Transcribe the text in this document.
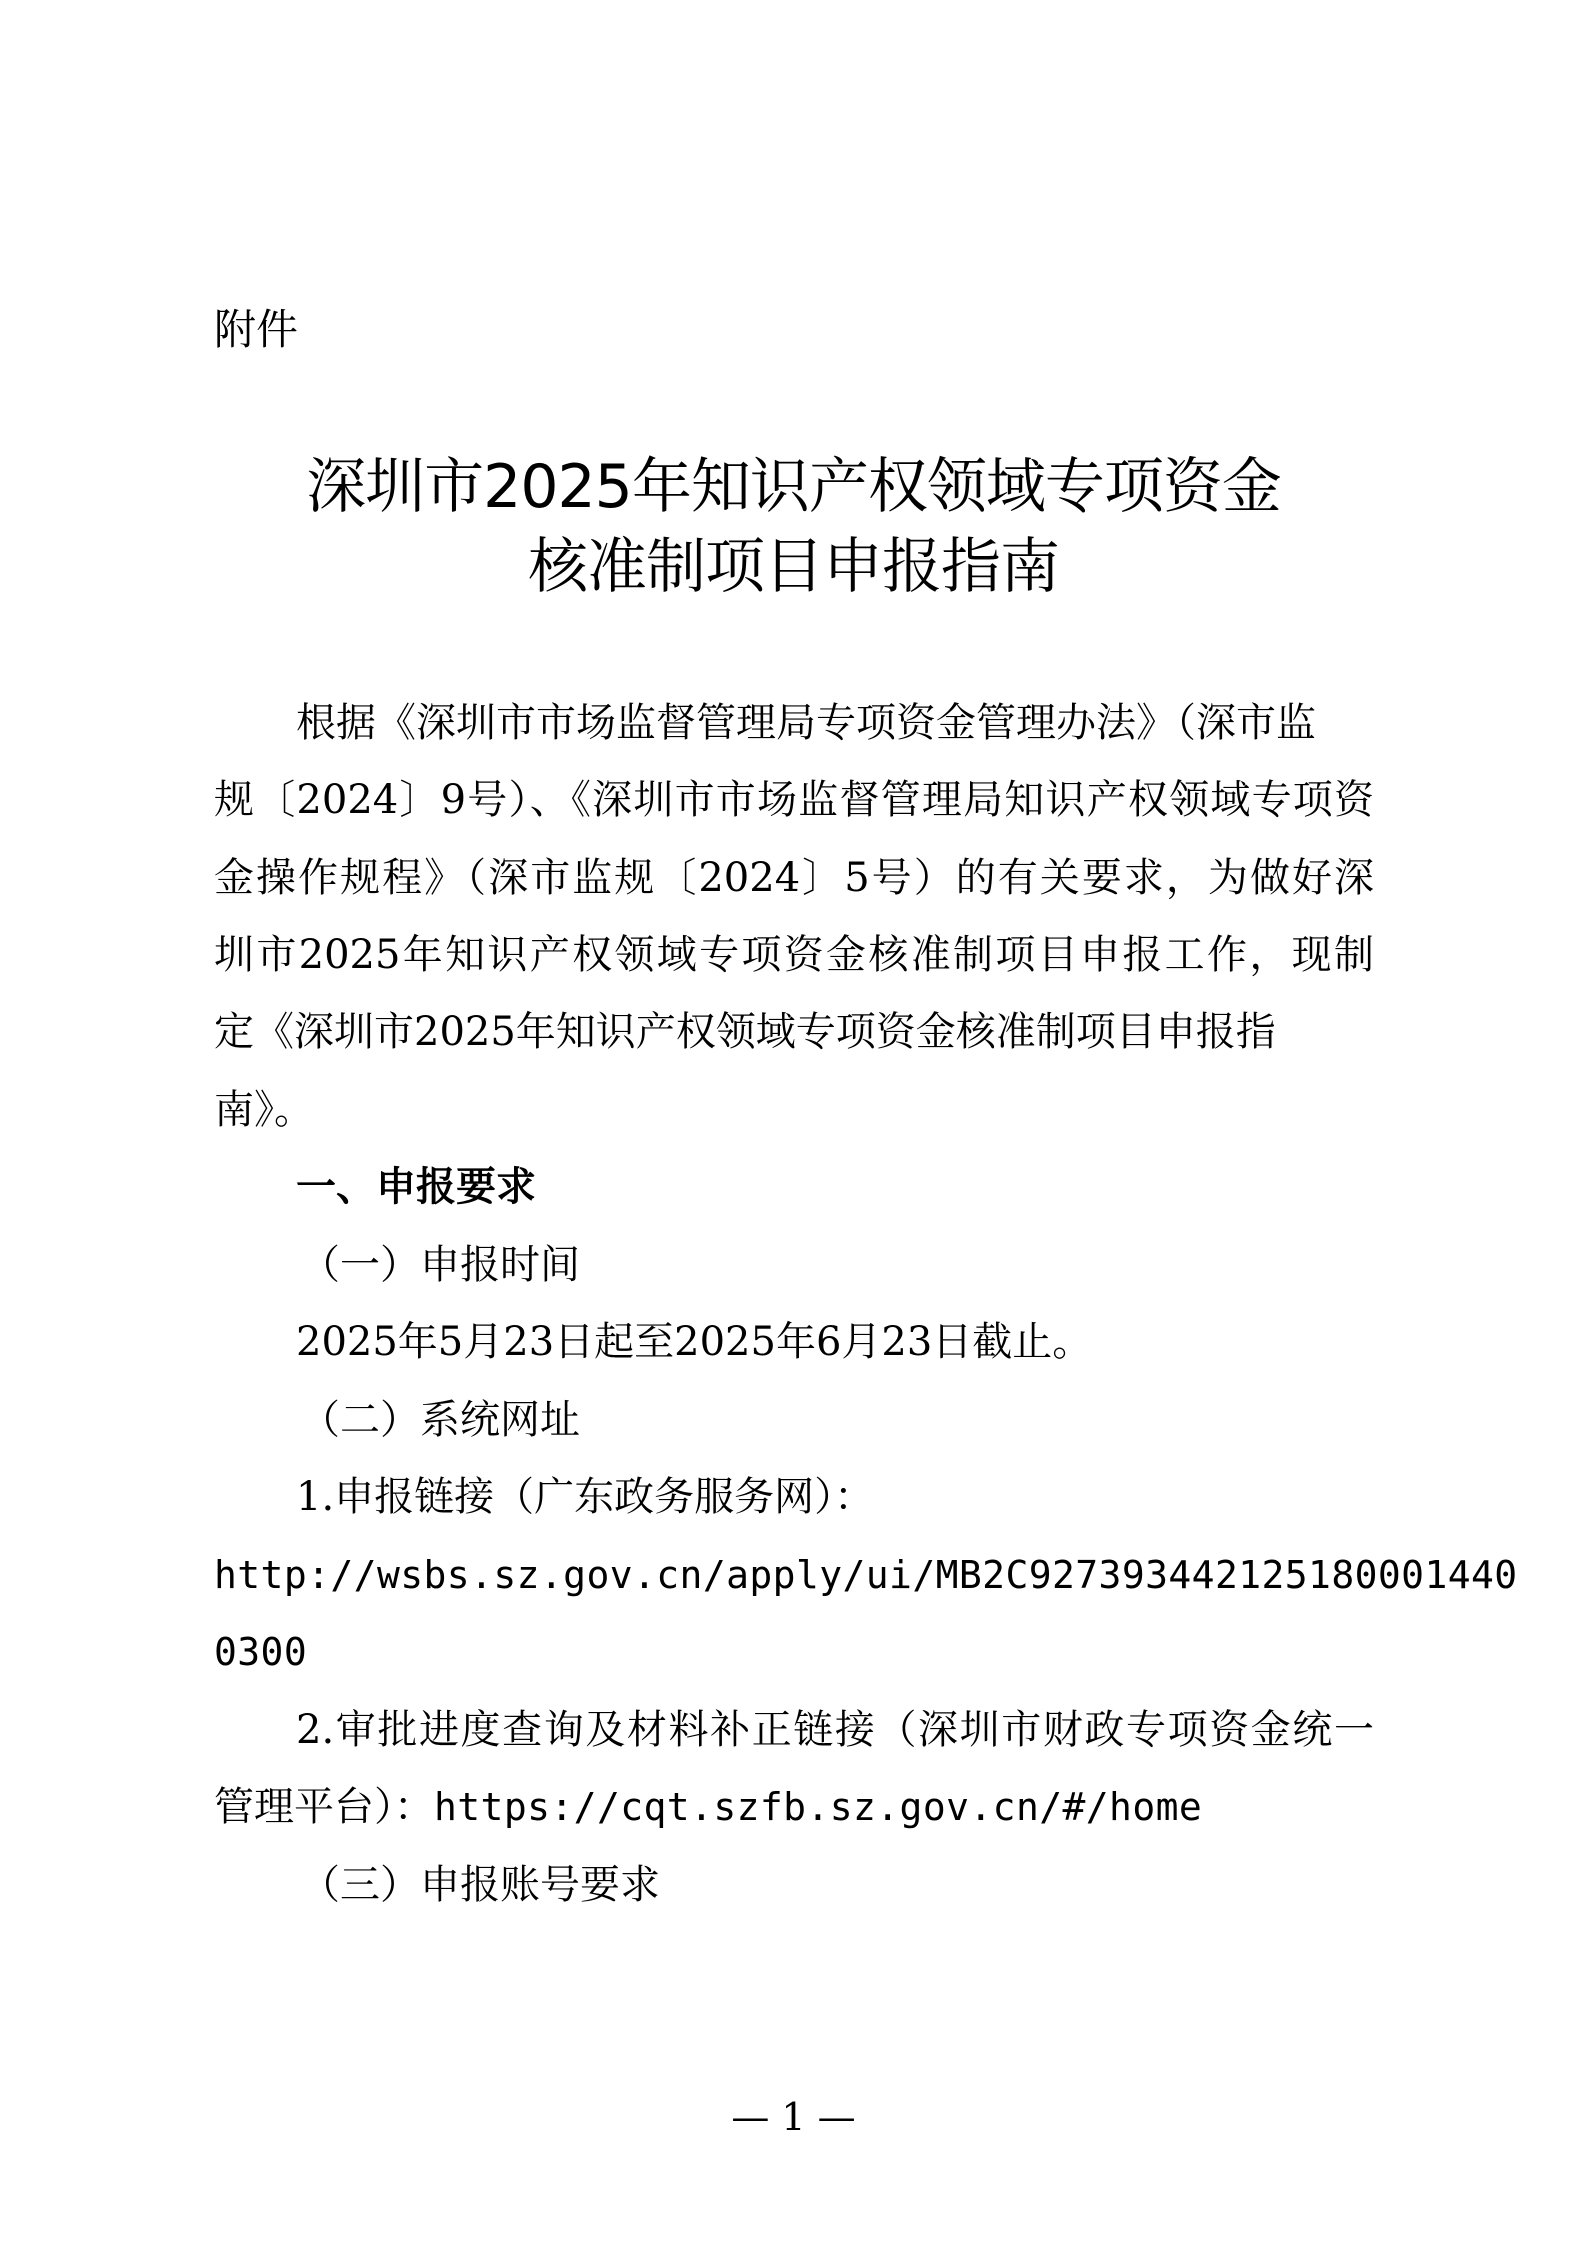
附件
深圳市2025年知识产权领域专项资金
核准制项目申报指南
根据《深圳市市场监督管理局专项资金管理办法》（深市监
规〔2024〕9号）、《深圳市市场监督管理局知识产权领域专项资
金操作规程》（深市监规〔2024〕5号）的有关要求，为做好深
圳市2025年知识产权领域专项资金核准制项目申报工作，现制
定《深圳市2025年知识产权领域专项资金核准制项目申报指
南》。
一、申报要求
（一）申报时间
2025年5月23日起至2025年6月23日截止。
（二）系统网址
1.申报链接（广东政务服务网）：
http://wsbs.sz.gov.cn/apply/ui/MB2C927393442125180001440
0300
2.审批进度查询及材料补正链接（深圳市财政专项资金统一
管理平台）：https://cqt.szfb.sz.gov.cn/#/home
（三）申报账号要求
— 1 —
